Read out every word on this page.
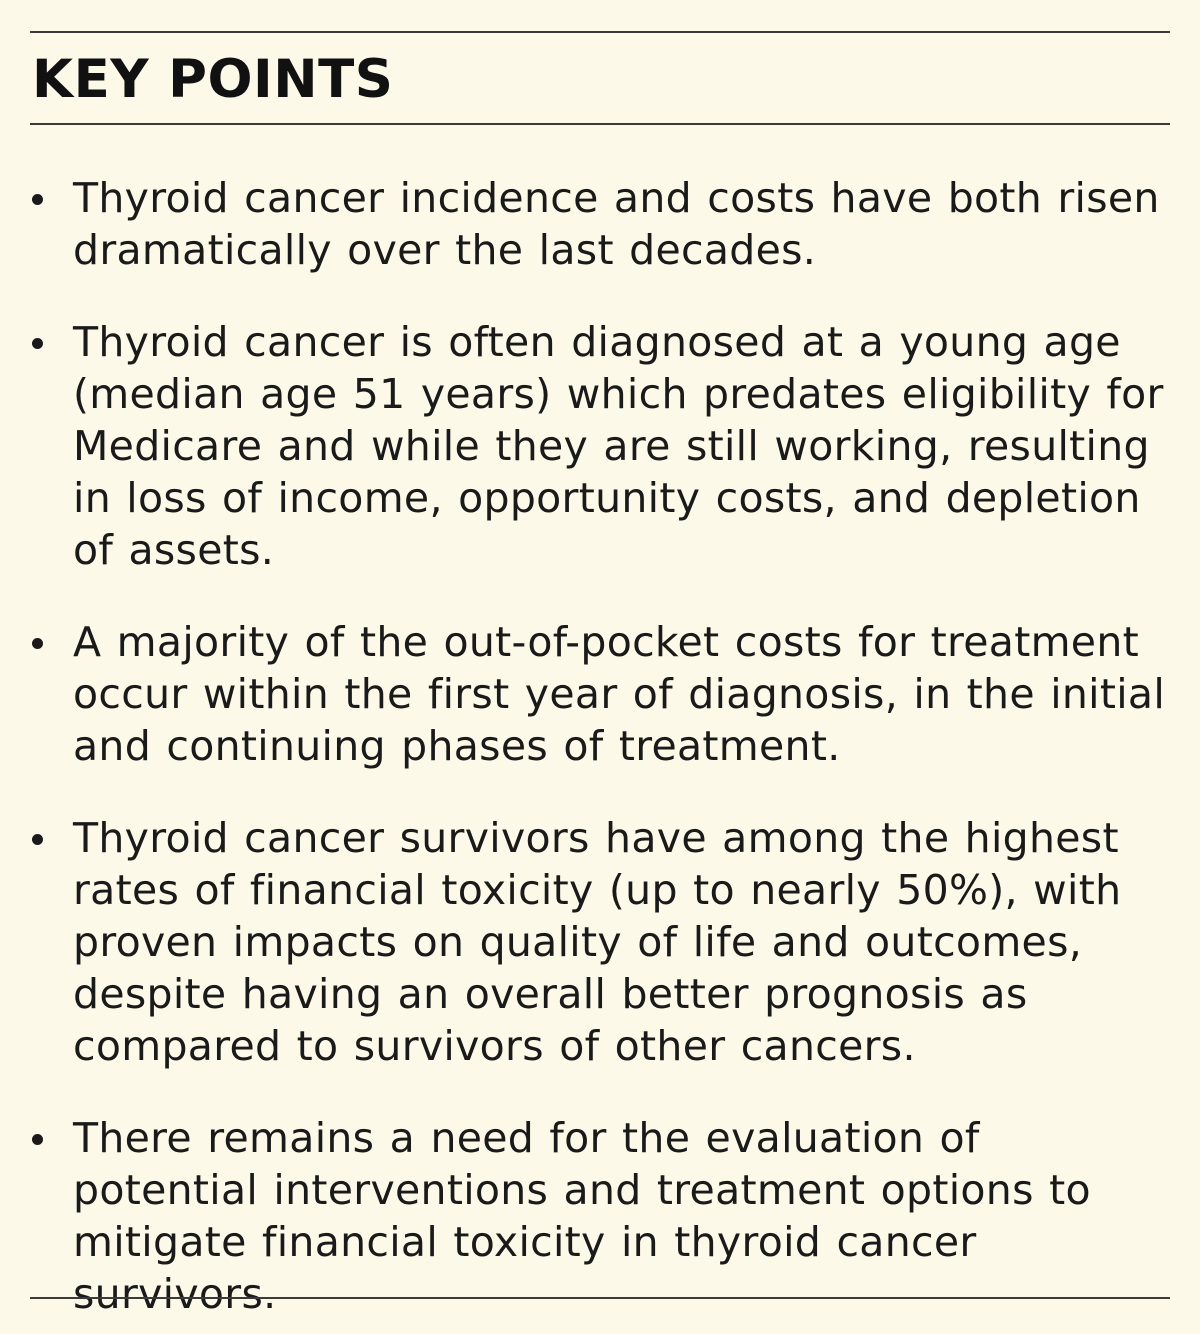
KEY POINTS
Thyroid cancer incidence and costs have both risen dramatically over the last decades.
Thyroid cancer is often diagnosed at a young age (median age 51 years) which predates eligibility for Medicare and while they are still working, resulting in loss of income, opportunity costs, and depletion of assets.
A majority of the out-of-pocket costs for treatment occur within the first year of diagnosis, in the initial and continuing phases of treatment.
Thyroid cancer survivors have among the highest rates of financial toxicity (up to nearly 50%), with proven impacts on quality of life and outcomes, despite having an overall better prognosis as compared to survivors of other cancers.
There remains a need for the evaluation of potential interventions and treatment options to mitigate financial toxicity in thyroid cancer survivors.
